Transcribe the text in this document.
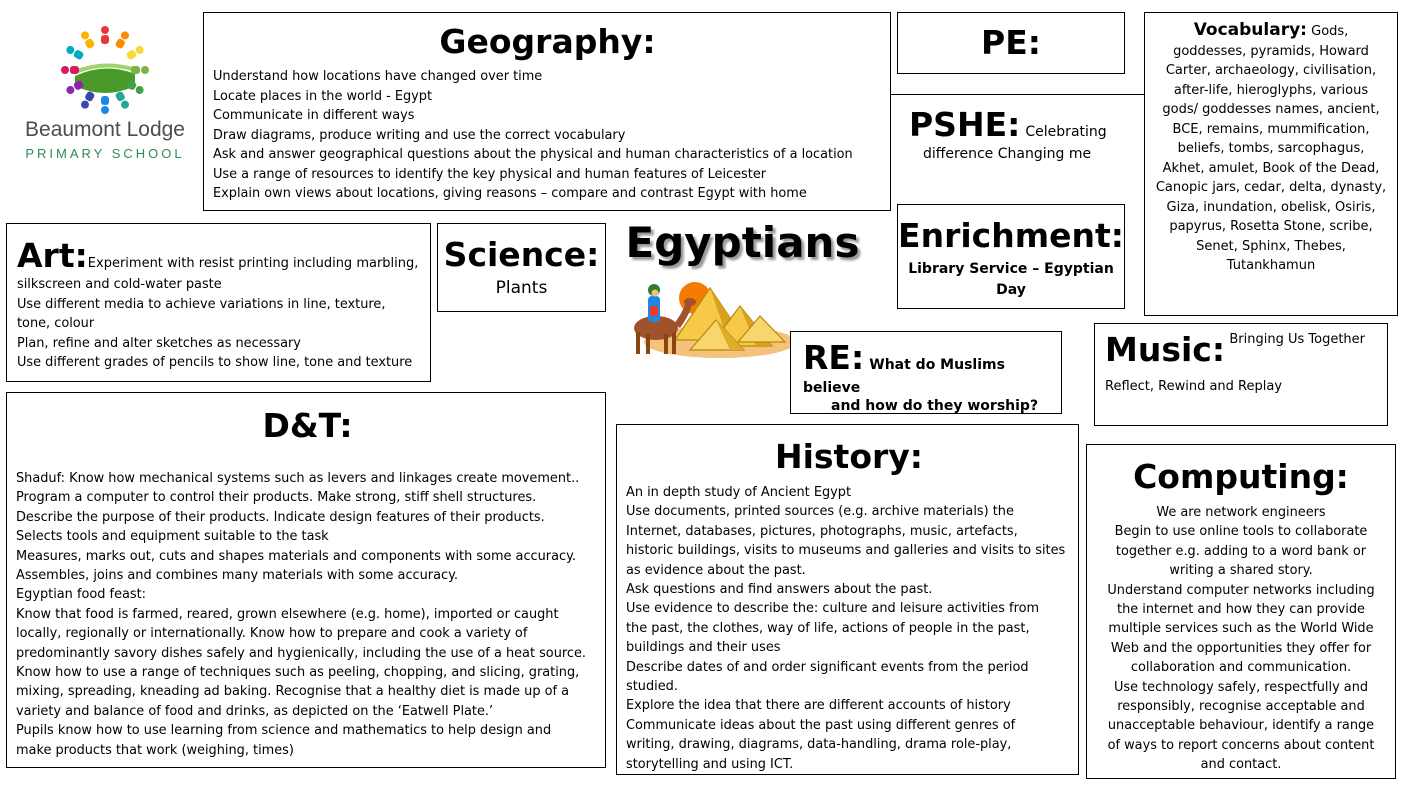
Beaumont Lodge
PRIMARY SCHOOL
Geography:
Understand how locations have changed over time
Locate places in the world - Egypt
Communicate in different ways
Draw diagrams, produce writing and use the correct vocabulary
Ask and answer geographical questions about the physical and human characteristics of a location
Use a range of resources to identify the key physical and human features of Leicester
Explain own views about locations, giving reasons – compare and contrast Egypt with home
PE:
PSHE: Celebrating
difference Changing me
Vocabulary: Gods,
goddesses, pyramids, Howard
Carter, archaeology, civilisation,
after-life, hieroglyphs, various
gods/ goddesses names, ancient,
BCE, remains, mummification,
beliefs, tombs, sarcophagus,
Akhet, amulet, Book of the Dead,
Canopic jars, cedar, delta, dynasty,
Giza, inundation, obelisk, Osiris,
papyrus, Rosetta Stone, scribe,
Senet, Sphinx, Thebes,
Tutankhamun
Art:Experiment with resist printing including marbling,
silkscreen and cold-water paste
Use different media to achieve variations in line, texture,
tone, colour
Plan, refine and alter sketches as necessary
Use different grades of pencils to show line, tone and texture
Science:
Plants
Egyptians Enrichment:
Library Service – Egyptian
Day
RE: What do Muslims believe
and how do they worship?
Music: Bringing Us Together
Reflect, Rewind and Replay
D&T:
Shaduf: Know how mechanical systems such as levers and linkages create movement..
Program a computer to control their products. Make strong, stiff shell structures.
Describe the purpose of their products. Indicate design features of their products.
Selects tools and equipment suitable to the task
Measures, marks out, cuts and shapes materials and components with some accuracy.
Assembles, joins and combines many materials with some accuracy.
Egyptian food feast:
Know that food is farmed, reared, grown elsewhere (e.g. home), imported or caught
locally, regionally or internationally. Know how to prepare and cook a variety of
predominantly savory dishes safely and hygienically, including the use of a heat source.
Know how to use a range of techniques such as peeling, chopping, and slicing, grating,
mixing, spreading, kneading ad baking. Recognise that a healthy diet is made up of a
variety and balance of food and drinks, as depicted on the ‘Eatwell Plate.’
Pupils know how to use learning from science and mathematics to help design and
make products that work (weighing, times)
History:
An in depth study of Ancient Egypt
Use documents, printed sources (e.g. archive materials) the
Internet, databases, pictures, photographs, music, artefacts,
historic buildings, visits to museums and galleries and visits to sites
as evidence about the past.
Ask questions and find answers about the past.
Use evidence to describe the: culture and leisure activities from
the past, the clothes, way of life, actions of people in the past,
buildings and their uses
Describe dates of and order significant events from the period
studied.
Explore the idea that there are different accounts of history
Communicate ideas about the past using different genres of
writing, drawing, diagrams, data-handling, drama role-play,
storytelling and using ICT.
Computing:
We are network engineers
Begin to use online tools to collaborate
together e.g. adding to a word bank or
writing a shared story.
Understand computer networks including
the internet and how they can provide
multiple services such as the World Wide
Web and the opportunities they offer for
collaboration and communication.
Use technology safely, respectfully and
responsibly, recognise acceptable and
unacceptable behaviour, identify a range
of ways to report concerns about content
and contact.
